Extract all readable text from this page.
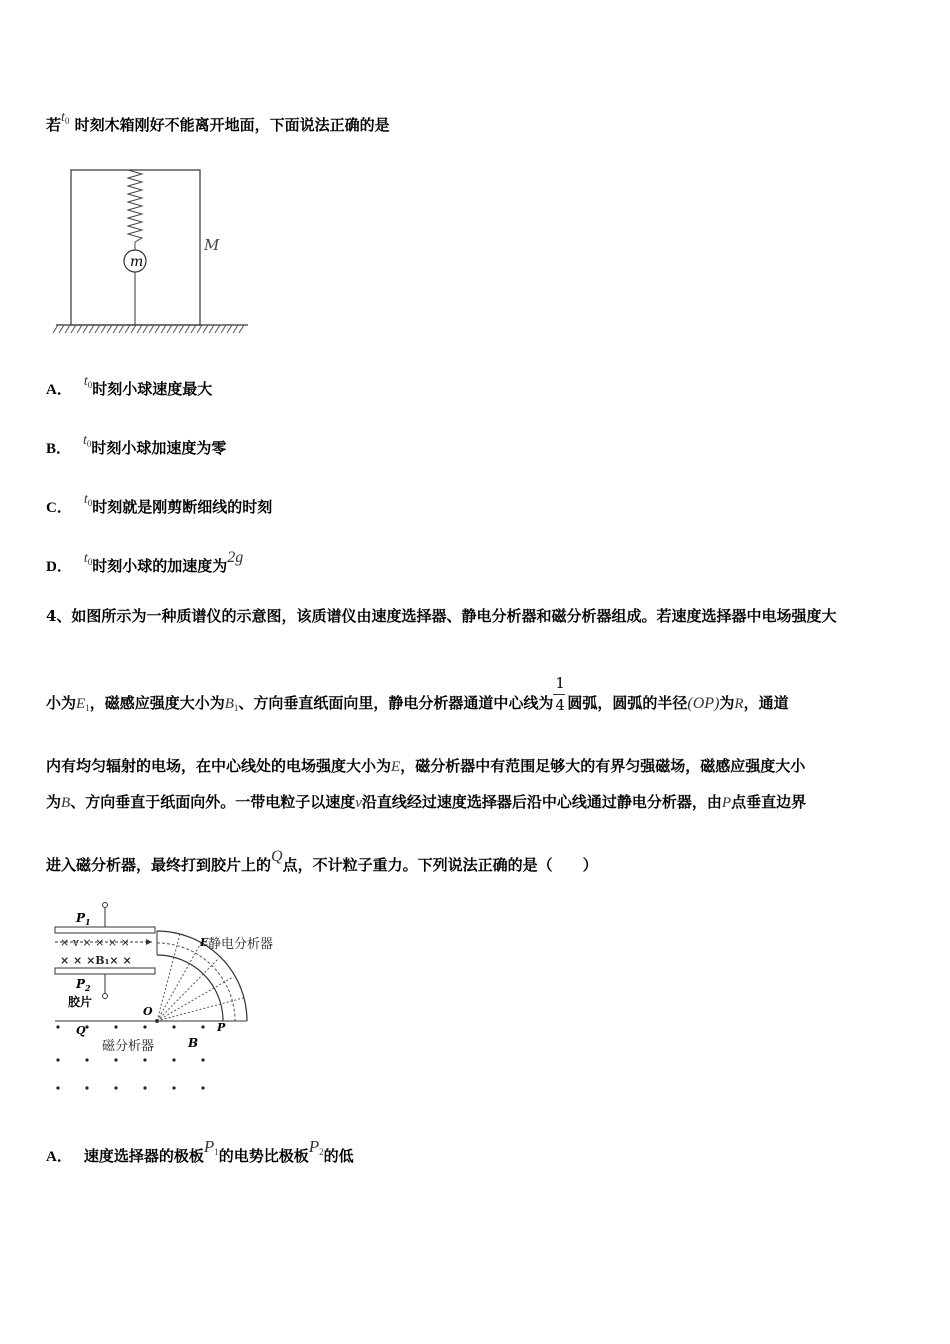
若$t_0$ 时刻木箱刚好不能离开地面，下面说法正确的是
m
M
A．$t_0$时刻小球速度最大
B．$t_0$时刻小球加速度为零
C．$t_0$时刻就是刚剪断细线的时刻
D．$t_0$时刻小球的加速度为2g
4、如图所示为一种质谱仪的示意图，该质谱仪由速度选择器、静电分析器和磁分析器组成。若速度选择器中电场强度大
小为$E_1$，磁感应强度大小为$B_1$、方向垂直纸面向里，静电分析器通道中心线为 $\frac{1}{4}$ 圆弧，圆弧的半径(OP)为R，通道
内有均匀辐射的电场，在中心线处的电场强度大小为E，磁分析器中有范围足够大的有界匀强磁场，磁感应强度大小
为B、方向垂直于纸面向外。一带电粒子以速度v沿直线经过速度选择器后沿中心线通过静电分析器，由P点垂直边界
进入磁分析器，最终打到胶片上的Q点，不计粒子重力。下列说法正确的是（　　）
$P_1$
× v × × × ×
× × ×B₁× ×
$P_2$
胶片
E 静电分析器
O
P
Q
磁分析器	B
A． 速度选择器的极板P1的电势比极板P2的低
